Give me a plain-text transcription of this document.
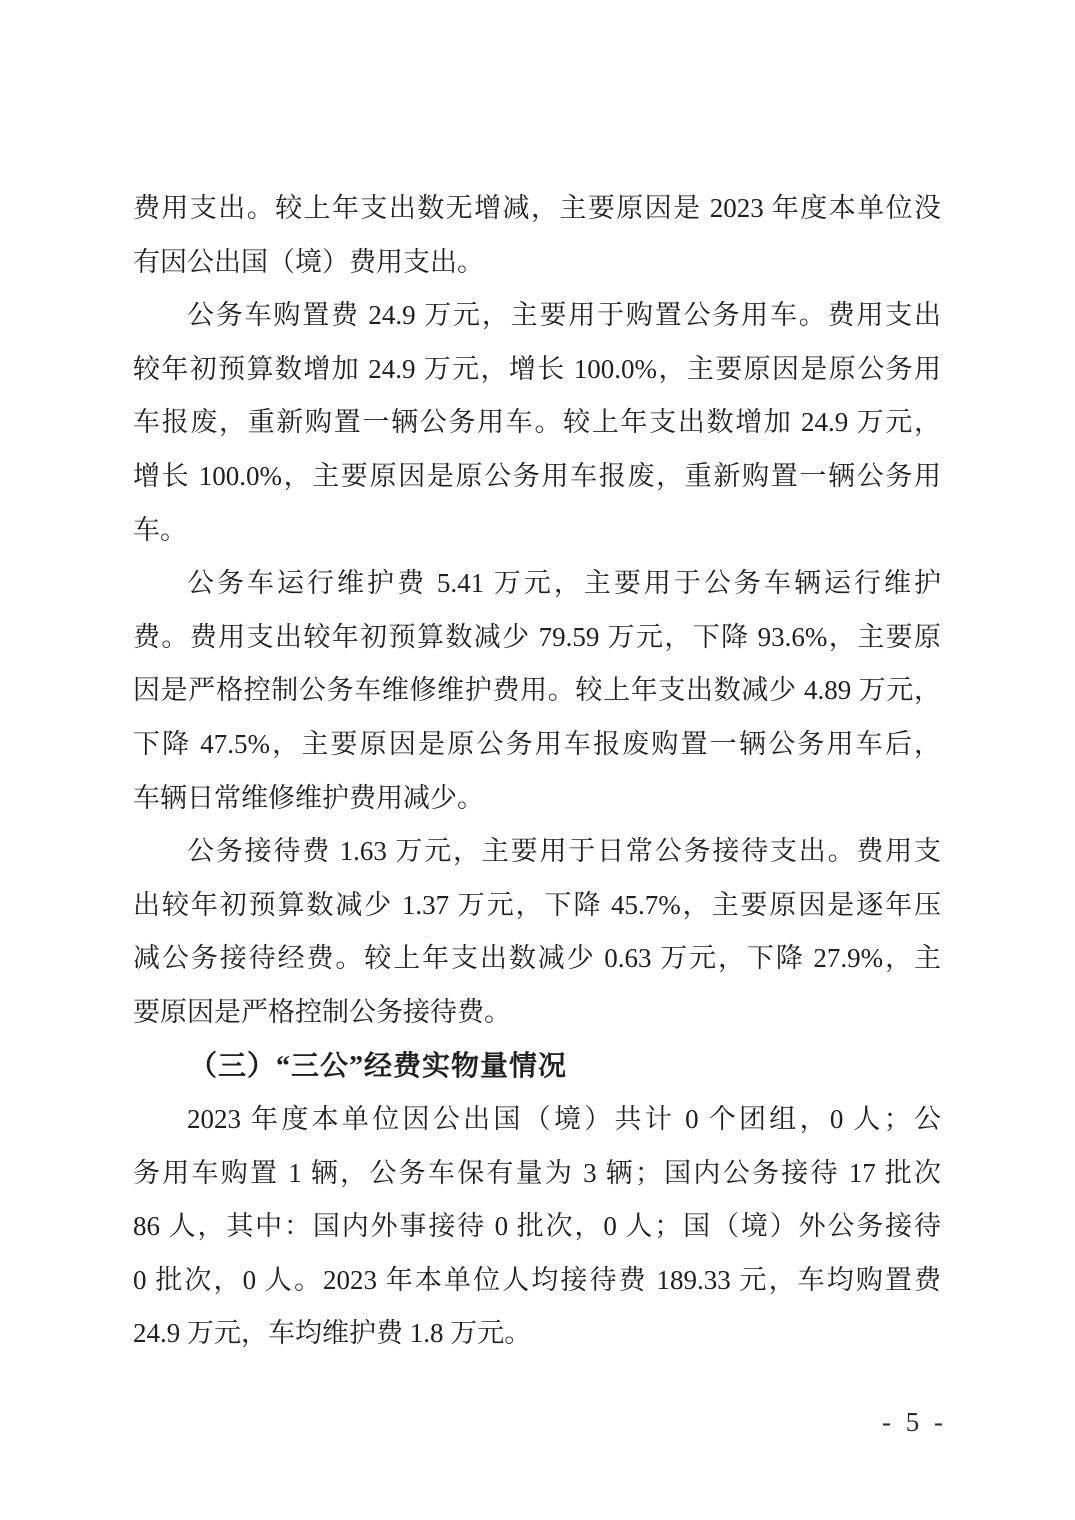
费用支出。较上年支出数无增减，主要原因是 2023 年度本单位没
有因公出国（境）费用支出。
公务车购置费 24.9 万元，主要用于购置公务用车。费用支出
较年初预算数增加 24.9 万元，增长 100.0%，主要原因是原公务用
车报废，重新购置一辆公务用车。较上年支出数增加 24.9 万元，
增长 100.0%，主要原因是原公务用车报废，重新购置一辆公务用
车。
公务车运行维护费 5.41 万元，主要用于公务车辆运行维护
费。费用支出较年初预算数减少 79.59 万元，下降 93.6%，主要原
因是严格控制公务车维修维护费用。较上年支出数减少 4.89 万元，
下降 47.5%，主要原因是原公务用车报废购置一辆公务用车后，
车辆日常维修维护费用减少。
公务接待费 1.63 万元，主要用于日常公务接待支出。费用支
出较年初预算数减少 1.37 万元，下降 45.7%，主要原因是逐年压
减公务接待经费。较上年支出数减少 0.63 万元，下降 27.9%，主
要原因是严格控制公务接待费。
（三）“三公”经费实物量情况
2023 年度本单位因公出国（境）共计 0 个团组，0 人；公
务用车购置 1 辆，公务车保有量为 3 辆；国内公务接待 17 批次
86 人，其中：国内外事接待 0 批次，0 人；国（境）外公务接待
0 批次，0 人。2023 年本单位人均接待费 189.33 元，车均购置费
24.9 万元，车均维护费 1.8 万元。
- 5 -
